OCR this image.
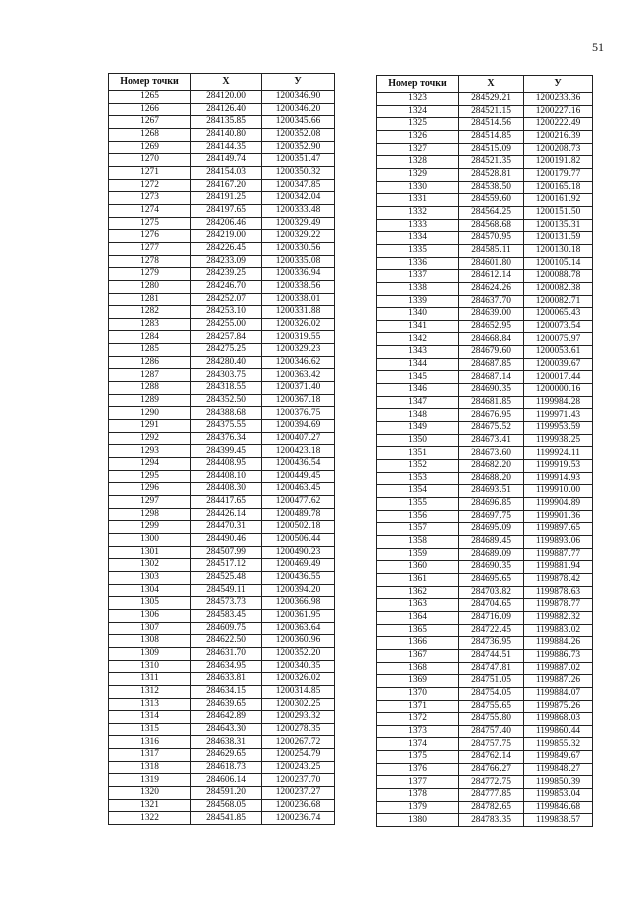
51
Номер точки	X	У
1265	284120.00	1200346.90
1266	284126.40	1200346.20
1267	284135.85	1200345.66
1268	284140.80	1200352.08
1269	284144.35	1200352.90
1270	284149.74	1200351.47
1271	284154.03	1200350.32
1272	284167.20	1200347.85
1273	284191.25	1200342.04
1274	284197.65	1200333.48
1275	284206.46	1200329.49
1276	284219.00	1200329.22
1277	284226.45	1200330.56
1278	284233.09	1200335.08
1279	284239.25	1200336.94
1280	284246.70	1200338.56
1281	284252.07	1200338.01
1282	284253.10	1200331.88
1283	284255.00	1200326.02
1284	284257.84	1200319.55
1285	284275.25	1200329.23
1286	284280.40	1200346.62
1287	284303.75	1200363.42
1288	284318.55	1200371.40
1289	284352.50	1200367.18
1290	284388.68	1200376.75
1291	284375.55	1200394.69
1292	284376.34	1200407.27
1293	284399.45	1200423.18
1294	284408.95	1200436.54
1295	284408.10	1200449.45
1296	284408.30	1200463.45
1297	284417.65	1200477.62
1298	284426.14	1200489.78
1299	284470.31	1200502.18
1300	284490.46	1200506.44
1301	284507.99	1200490.23
1302	284517.12	1200469.49
1303	284525.48	1200436.55
1304	284549.11	1200394.20
1305	284573.73	1200366.98
1306	284583.45	1200361.95
1307	284609.75	1200363.64
1308	284622.50	1200360.96
1309	284631.70	1200352.20
1310	284634.95	1200340.35
1311	284633.81	1200326.02
1312	284634.15	1200314.85
1313	284639.65	1200302.25
1314	284642.89	1200293.32
1315	284643.30	1200278.35
1316	284638.31	1200267.72
1317	284629.65	1200254.79
1318	284618.73	1200243.25
1319	284606.14	1200237.70
1320	284591.20	1200237.27
1321	284568.05	1200236.68
1322	284541.85	1200236.74
Номер точки	X	У
1323	284529.21	1200233.36
1324	284521.15	1200227.16
1325	284514.56	1200222.49
1326	284514.85	1200216.39
1327	284515.09	1200208.73
1328	284521.35	1200191.82
1329	284528.81	1200179.77
1330	284538.50	1200165.18
1331	284559.60	1200161.92
1332	284564.25	1200151.50
1333	284568.68	1200135.31
1334	284570.95	1200131.59
1335	284585.11	1200130.18
1336	284601.80	1200105.14
1337	284612.14	1200088.78
1338	284624.26	1200082.38
1339	284637.70	1200082.71
1340	284639.00	1200065.43
1341	284652.95	1200073.54
1342	284668.84	1200075.97
1343	284679.60	1200053.61
1344	284687.85	1200039.67
1345	284687.14	1200017.44
1346	284690.35	1200000.16
1347	284681.85	1199984.28
1348	284676.95	1199971.43
1349	284675.52	1199953.59
1350	284673.41	1199938.25
1351	284673.60	1199924.11
1352	284682.20	1199919.53
1353	284688.20	1199914.93
1354	284693.51	1199910.00
1355	284696.85	1199904.89
1356	284697.75	1199901.36
1357	284695.09	1199897.65
1358	284689.45	1199893.06
1359	284689.09	1199887.77
1360	284690.35	1199881.94
1361	284695.65	1199878.42
1362	284703.82	1199878.63
1363	284704.65	1199878.77
1364	284716.09	1199882.32
1365	284722.45	1199883.02
1366	284736.95	1199884.26
1367	284744.51	1199886.73
1368	284747.81	1199887.02
1369	284751.05	1199887.26
1370	284754.05	1199884.07
1371	284755.65	1199875.26
1372	284755.80	1199868.03
1373	284757.40	1199860.44
1374	284757.75	1199855.32
1375	284762.14	1199849.67
1376	284766.27	1199848.27
1377	284772.75	1199850.39
1378	284777.85	1199853.04
1379	284782.65	1199846.68
1380	284783.35	1199838.57
